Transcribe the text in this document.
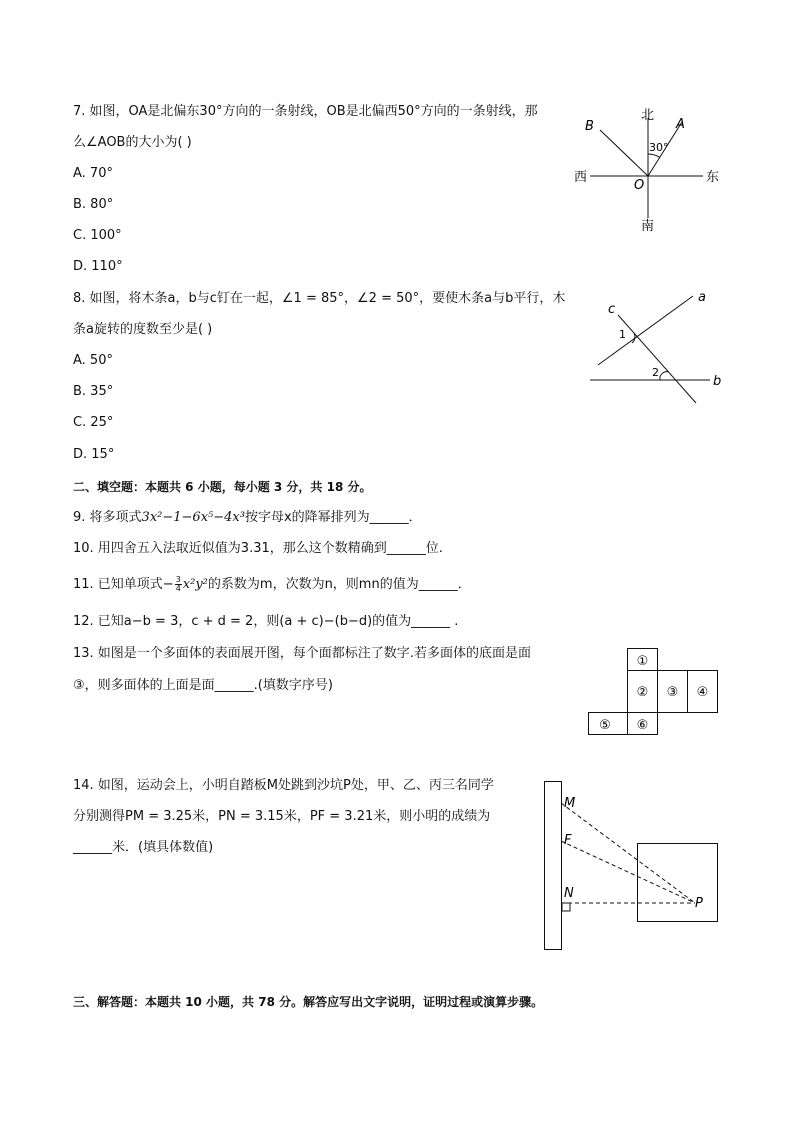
7. 如图，OA是北偏东30°方向的一条射线，OB是北偏西50°方向的一条射线，那
么∠AOB的大小为( )
A. 70°
B. 80°
C. 100°
D. 110°
北
南
西	东
O
A
B
30°
8. 如图，将木条a，b与c钉在一起，∠1 = 85°，∠2 = 50°，要使木条a与b平行，木
条a旋转的度数至少是( )
A. 50°
B. 35°
C. 25°
D. 15°
a
b
c
1
2
二、填空题：本题共 6 小题，每小题 3 分，共 18 分。
9. 将多项式3x²−1−6x⁵−4x³按字母x的降幂排列为______．
10. 用四舍五入法取近似值为3.31，那么这个数精确到______位.
11. 已知单项式− $\frac{3}{4} x^2y^2$的系数为m，次数为n，则mn的值为______．
12. 已知a−b = 3，c + d = 2，则(a + c)−(b−d)的值为______ .
13. 如图是一个多面体的表面展开图，每个面都标注了数字.若多面体的底面是面
③，则多面体的上面是面______.(填数字序号)
①
② ③ ④
⑤ ⑥
14. 如图，运动会上，小明自踏板M处跳到沙坑P处，甲、乙、丙三名同学
分别测得PM = 3.25米，PN = 3.15米，PF = 3.21米，则小明的成绩为
______米．(填具体数值)
M
F
N
P
三、解答题：本题共 10 小题，共 78 分。解答应写出文字说明，证明过程或演算步骤。
